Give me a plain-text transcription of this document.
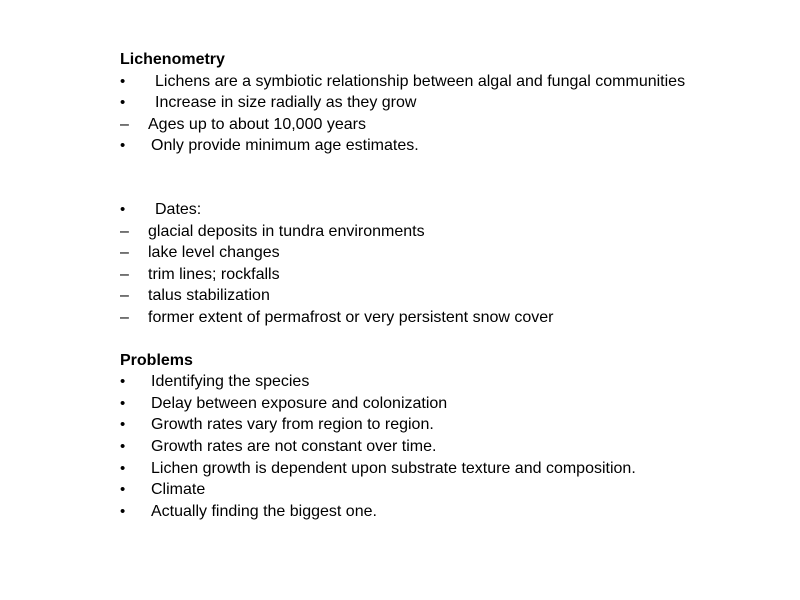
Lichenometry
•	Lichens are a symbiotic relationship between algal and fungal communities
•	Increase in size radially as they grow
–	Ages up to about 10,000 years
•	Only provide minimum age estimates.
•	Dates:
–	glacial deposits in tundra environments
–	lake level changes
–	trim lines; rockfalls
–	talus stabilization
–	former extent of permafrost or very persistent snow cover
Problems
•	Identifying the species
•	Delay between exposure and colonization
•	Growth rates vary from region to region.
•	Growth rates are not constant over time.
•	Lichen growth is dependent upon substrate texture and composition.
•	Climate
•	Actually finding the biggest one.
